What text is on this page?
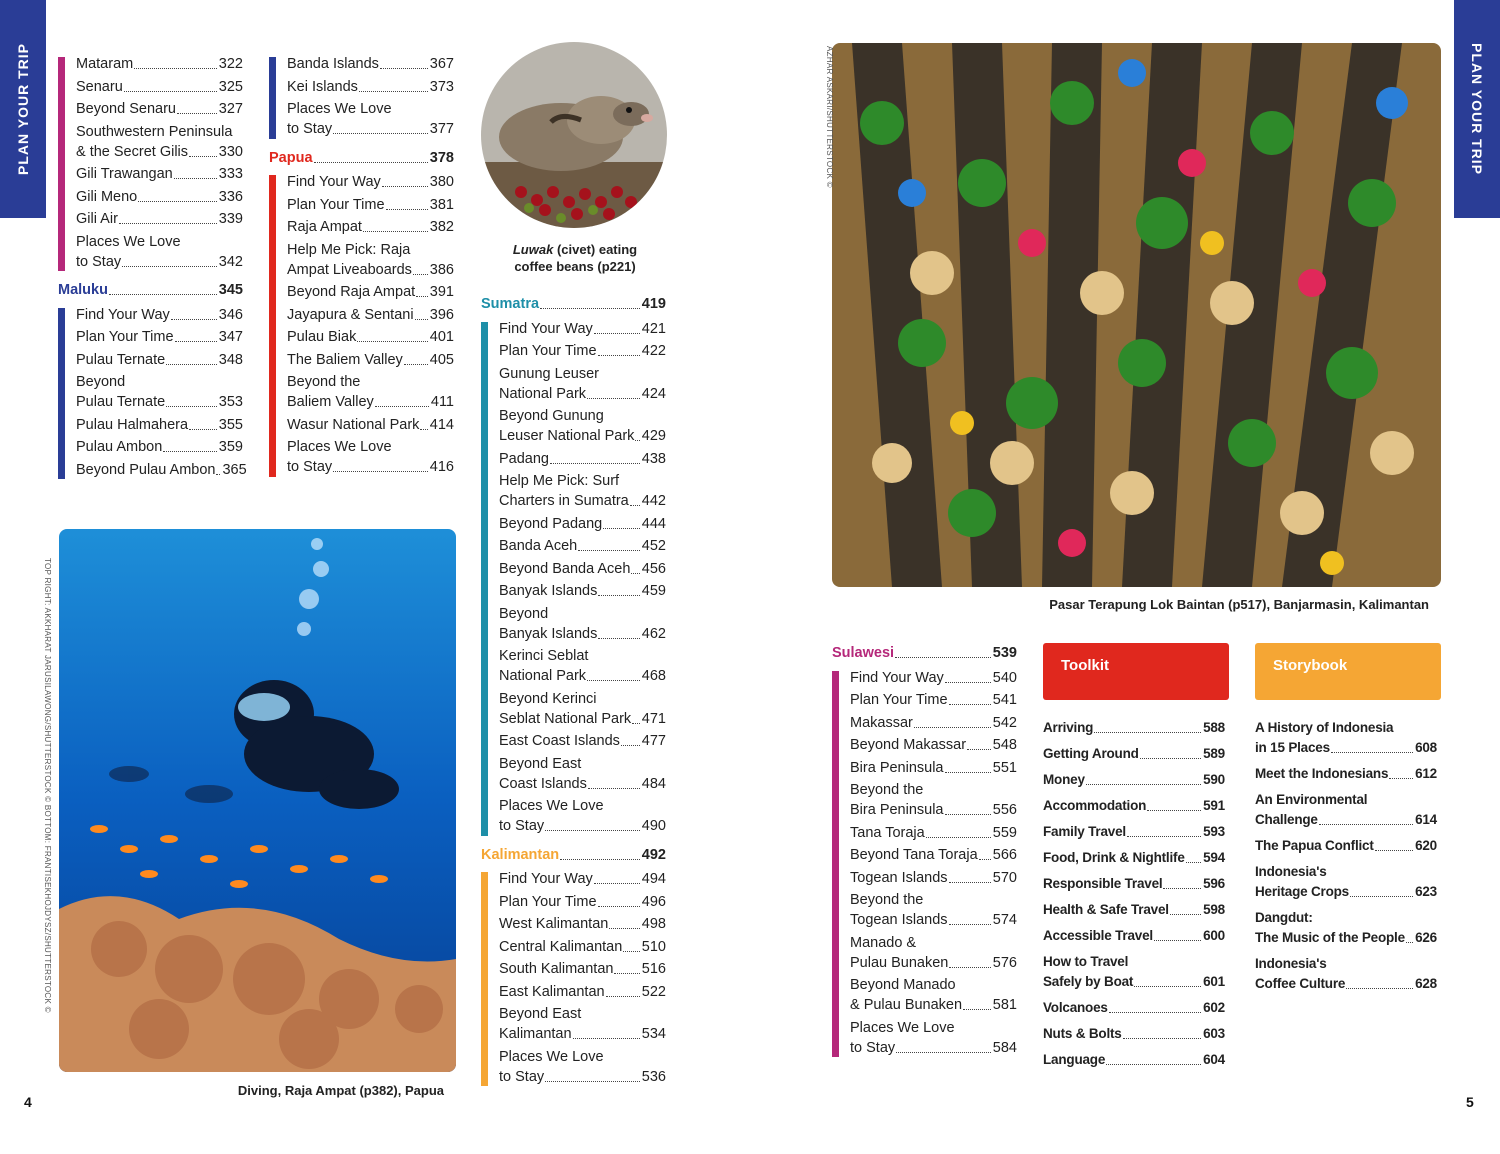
PLAN YOUR TRIP	PLAN YOUR TRIP
4	5
Mataram	322
Senaru	325
Beyond Senaru	327
Southwestern Peninsula
& the Secret Gilis 330
Gili Trawangan	333
Gili Meno	336
Gili Air	339
Places We Love
to Stay	342
Maluku	345
Find Your Way	346
Plan Your Time	347
Pulau Ternate	348
Beyond
Pulau Ternate	353
Pulau Halmahera 355
Pulau Ambon	359
Beyond Pulau Ambon 365
Banda Islands	367
Kei Islands	373
Places We Love
to Stay	377
Papua	378
Find Your Way	380
Plan Your Time	381
Raja Ampat	382
Help Me Pick: Raja
Ampat Liveaboards 386
Beyond Raja Ampat 391
Jayapura & Sentani 396
Pulau Biak	401
The Baliem Valley 405
Beyond the
Baliem Valley	411
Wasur National Park 414
Places We Love
to Stay	416
Luwak (civet) eating
coffee beans (p221)
Sumatra	419
Find Your Way	421
Plan Your Time	422
Gunung Leuser
National Park	424
Beyond Gunung
Leuser National Park 429
Padang	438
Help Me Pick: Surf
Charters in Sumatra 442
Beyond Padang	444
Banda Aceh	452
Beyond Banda Aceh 456
Banyak Islands	459
Beyond
Banyak Islands	462
Kerinci Seblat
National Park	468
Beyond Kerinci
Seblat National Park 471
East Coast Islands 477
Beyond East
Coast Islands	484
Places We Love
to Stay	490
Kalimantan	492
Find Your Way	494
Plan Your Time	496
West Kalimantan 498
Central Kalimantan 510
South Kalimantan 516
East Kalimantan	522
Beyond East
Kalimantan	534
Places We Love
to Stay	536
TOP RIGHT: AKKHARAT JARUSILAWONG/SHUTTERSTOCK © BOTTOM: FRANTISEKHOJDYSZ/SHUTTERSTOCK ©
Diving, Raja Ampat (p382), Papua
AZHAR ASKARI/SHUTTERSTOCK ©
Pasar Terapung Lok Baintan (p517), Banjarmasin, Kalimantan
Sulawesi	539
Find Your Way	540
Plan Your Time	541
Makassar	542
Beyond Makassar 548
Bira Peninsula	551
Beyond the
Bira Peninsula	556
Tana Toraja	559
Beyond Tana Toraja 566
Togean Islands	570
Beyond the
Togean Islands	574
Manado &
Pulau Bunaken	576
Beyond Manado
& Pulau Bunaken 581
Places We Love
to Stay	584
Toolkit
Arriving	588
Getting Around	589
Money	590
Accommodation	591
Family Travel	593
Food, Drink & Nightlife 594
Responsible Travel	596
Health & Safe Travel	598
Accessible Travel	600
How to Travel
Safely by Boat	601
Volcanoes	602
Nuts & Bolts	603
Language	604
Storybook
A History of Indonesia
in 15 Places	608
Meet the Indonesians 612
An Environmental
Challenge	614
The Papua Conflict	620
Indonesia's
Heritage Crops	623
Dangdut:
The Music of the People 626
Indonesia's
Coffee Culture	628
